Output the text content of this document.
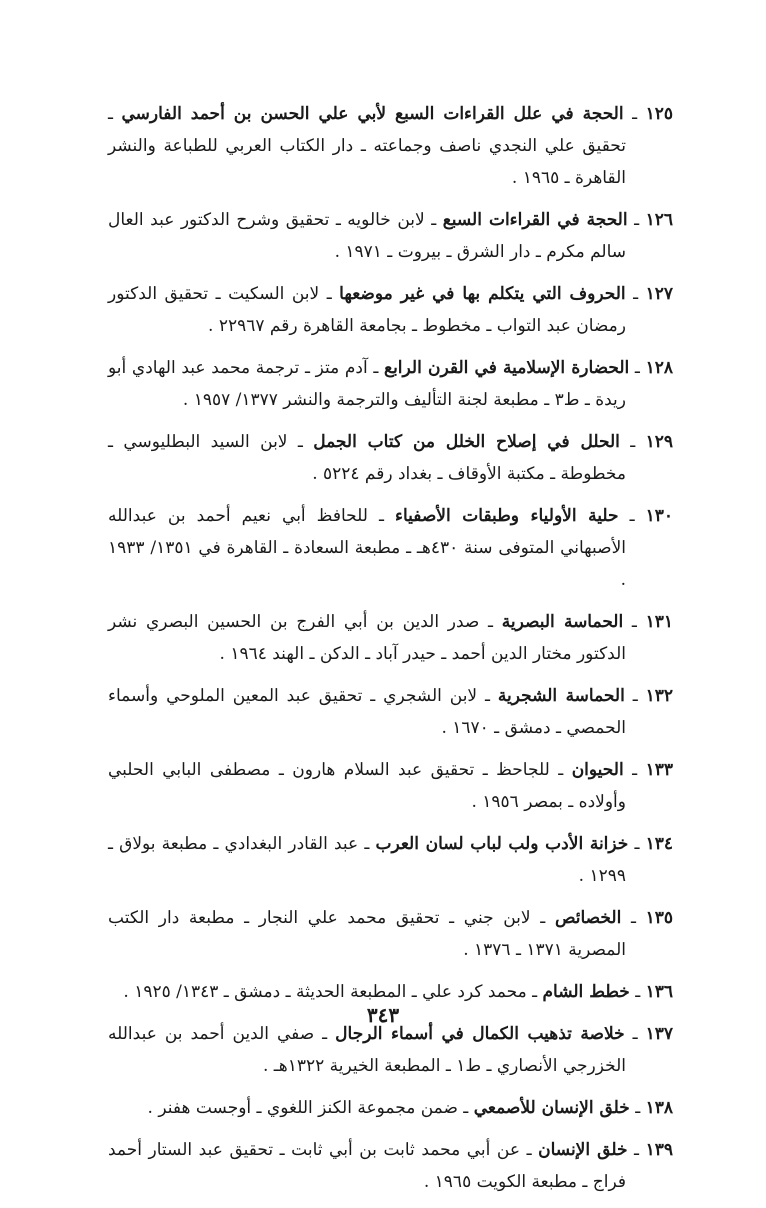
١٢٥ ـ الحجة في علل القراءات السبع لأبي علي الحسن بن أحمد الفارسي ـ تحقيق علي النجدي ناصف وجماعته ـ دار الكتاب العربي للطباعة والنشر القاهرة ـ ١٩٦٥ .
١٢٦ ـ الحجة في القراءات السبع ـ لابن خالويه ـ تحقيق وشرح الدكتور عبد العال سالم مكرم ـ دار الشرق ـ بيروت ـ ١٩٧١ .
١٢٧ ـ الحروف التي يتكلم بها في غير موضعها ـ لابن السكيت ـ تحقيق الدكتور رمضان عبد التواب ـ مخطوط ـ بجامعة القاهرة رقم ٢٢٩٦٧ .
١٢٨ ـ الحضارة الإسلامية في القرن الرابع ـ آدم متز ـ ترجمة محمد عبد الهادي أبو ريدة ـ ط٣ ـ مطبعة لجنة التأليف والترجمة والنشر ١٣٧٧/ ١٩٥٧ .
١٢٩ ـ الحلل في إصلاح الخلل من كتاب الجمل ـ لابن السيد البطليوسي ـ مخطوطة ـ مكتبة الأوقاف ـ بغداد رقم ٥٢٢٤ .
١٣٠ ـ حلية الأولياء وطبقات الأصفياء ـ للحافظ أبي نعيم أحمد بن عبدالله الأصبهاني المتوفى سنة ٤٣٠هـ ـ مطبعة السعادة ـ القاهرة في ١٣٥١/ ١٩٣٣ .
١٣١ ـ الحماسة البصرية ـ صدر الدين بن أبي الفرج بن الحسين البصري نشر الدكتور مختار الدين أحمد ـ حيدر آباد ـ الدكن ـ الهند ١٩٦٤ .
١٣٢ ـ الحماسة الشجرية ـ لابن الشجري ـ تحقيق عبد المعين الملوحي وأسماء الحمصي ـ دمشق ـ ١٦٧٠ .
١٣٣ ـ الحيوان ـ للجاحظ ـ تحقيق عبد السلام هارون ـ مصطفى البابي الحلبي وأولاده ـ بمصر ١٩٥٦ .
١٣٤ ـ خزانة الأدب ولب لباب لسان العرب ـ عبد القادر البغدادي ـ مطبعة بولاق ـ ١٢٩٩ .
١٣٥ ـ الخصائص ـ لابن جني ـ تحقيق محمد علي النجار ـ مطبعة دار الكتب المصرية ١٣٧١ ـ ١٣٧٦ .
١٣٦ ـ خطط الشام ـ محمد كرد علي ـ المطبعة الحديثة ـ دمشق ـ ١٣٤٣/ ١٩٢٥ .
١٣٧ ـ خلاصة تذهيب الكمال في أسماء الرجال ـ صفي الدين أحمد بن عبدالله الخزرجي الأنصاري ـ ط١ ـ المطبعة الخيرية ١٣٢٢هـ .
١٣٨ ـ خلق الإنسان للأصمعي ـ ضمن مجموعة الكنز اللغوي ـ أوجست هفنر .
١٣٩ ـ خلق الإنسان ـ عن أبي محمد ثابت بن أبي ثابت ـ تحقيق عبد الستار أحمد فراج ـ مطبعة الكويت ١٩٦٥ .
٣٤٣
